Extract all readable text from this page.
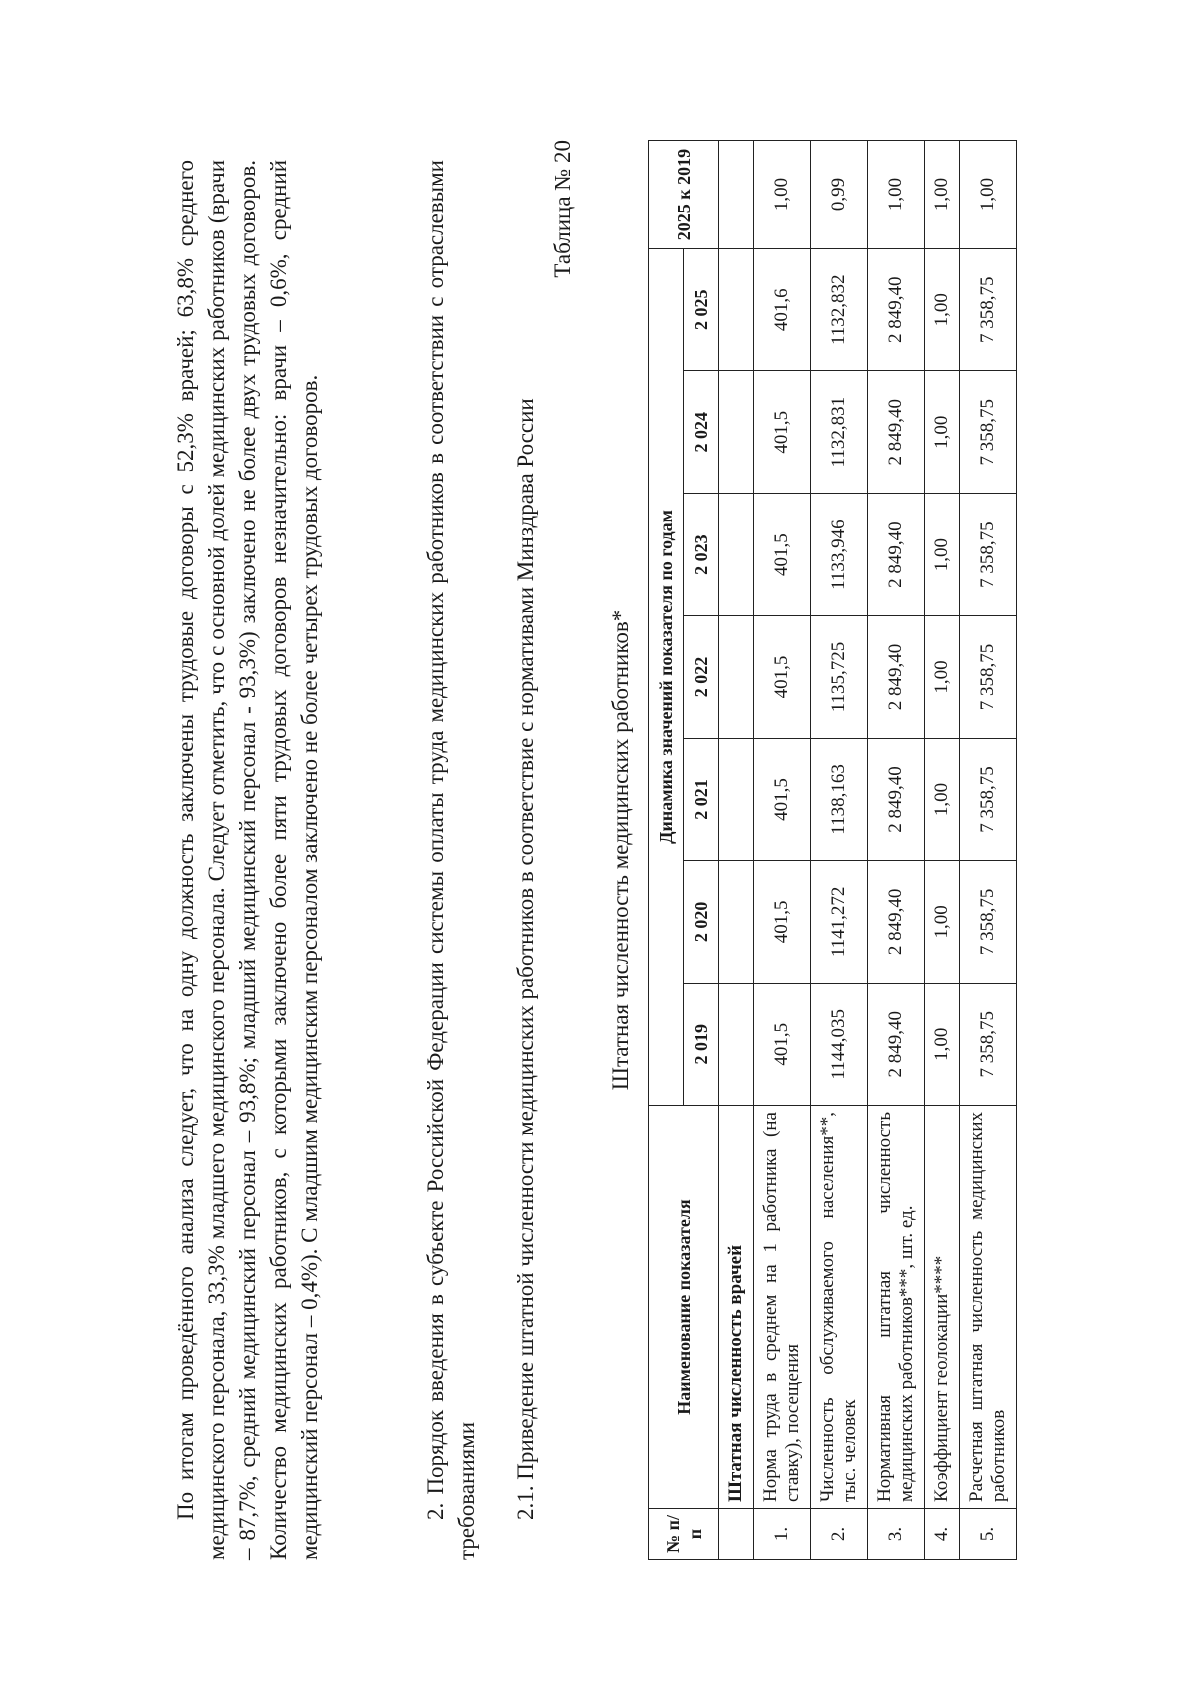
По итогам проведённого анализа следует, что на одну должность заключены трудовые договоры с 52,3% врачей; 63,8% среднего медицинского персонала, 33,3% младшего медицинского персонала. Следует отметить, что с основной долей медицинских работников (врачи – 87,7%, средний медицинский персонал – 93,8%; младший медицинский персонал - 93,3%) заключено не более двух трудовых договоров. Количество медицинских работников, с которыми заключено более пяти трудовых договоров незначительно: врачи – 0,6%, средний медицинский персонал – 0,4%). С младшим медицинским персоналом заключено не более четырех трудовых договоров.	2. Порядок введения в субъекте Российской Федерации системы оплаты труда медицинских работников в соответствии с отраслевыми требованиями 2.1. Приведение штатной численности медицинских работников в соответствие с нормативами Минздрава России
Таблица № 20
Штатная численность медицинских работников*
№ п/п	Наименование показателя	Динамика значений показателя по годам							2025 к 2019
		2 019	2 020	2 021	2 022	2 023	2 024	2 025	
	Штатная численность врачей								
1.	Норма труда в среднем на 1 работника (на ставку), посещения	401,5	401,5	401,5	401,5	401,5	401,5	401,6	1,00
2.	Численность обслуживаемого населения**, тыс. человек	1144,035	1141,272	1138,163	1135,725	1133,946	1132,831	1132,832	0,99
3.	Нормативная штатная численность медицинских работников***, шт. ед.	2 849,40	2 849,40	2 849,40	2 849,40	2 849,40	2 849,40	2 849,40	1,00
4.	Коэффициент геолокации****	1,00	1,00	1,00	1,00	1,00	1,00	1,00	1,00
5.	Расчетная штатная численность медицинских работников	7 358,75	7 358,75	7 358,75	7 358,75	7 358,75	7 358,75	7 358,75	1,00
